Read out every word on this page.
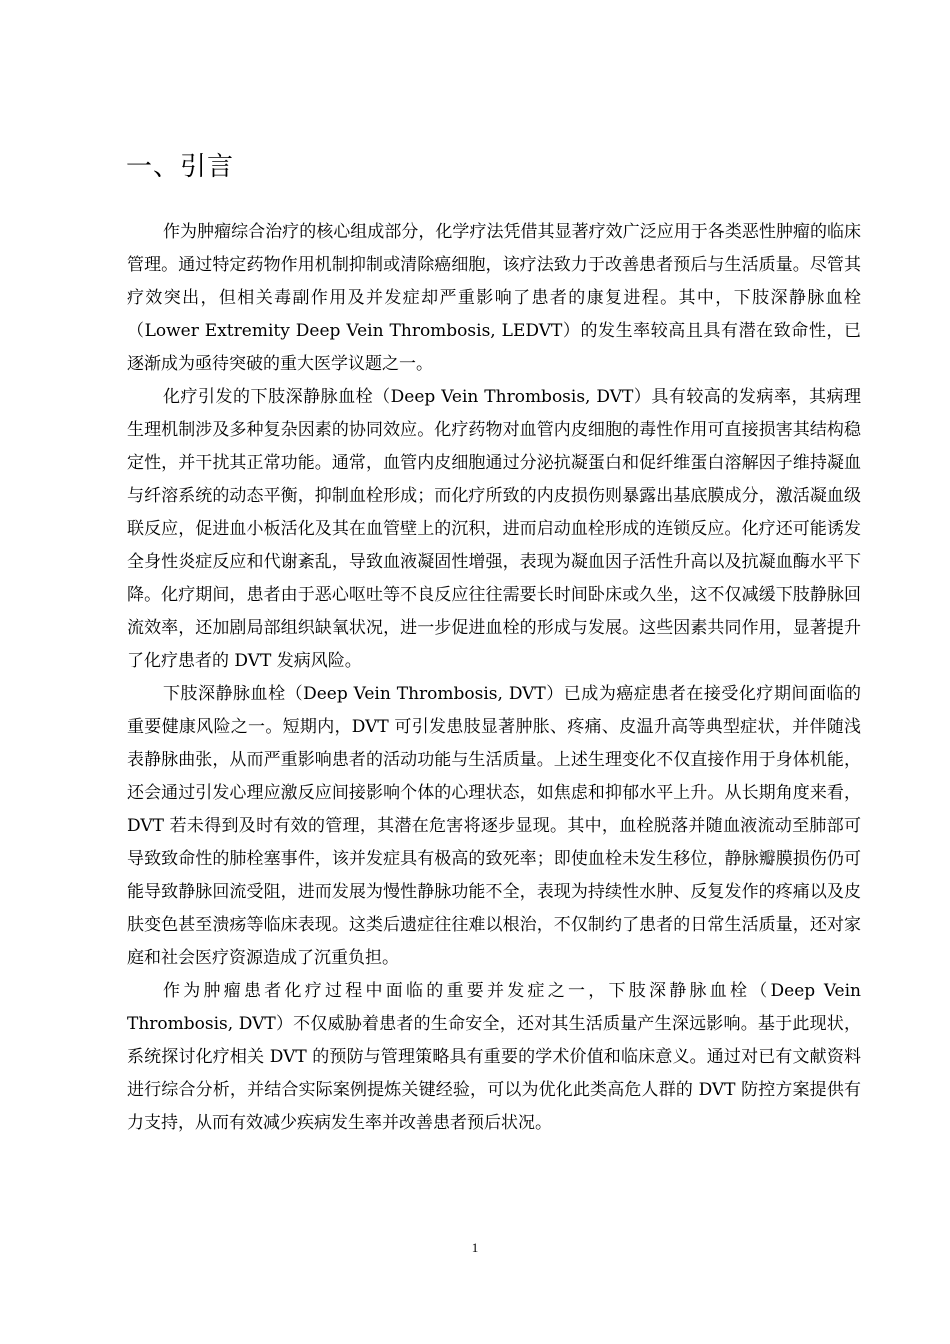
一、引言

作为肿瘤综合治疗的核心组成部分，化学疗法凭借其显著疗效广泛应用于各类恶性肿瘤的临床管理。通过特定药物作用机制抑制或清除癌细胞，该疗法致力于改善患者预后与生活质量。尽管其疗效突出，但相关毒副作用及并发症却严重影响了患者的康复进程。其中，下肢深静脉血栓（Lower Extremity Deep Vein Thrombosis, LEDVT）的发生率较高且具有潜在致命性，已逐渐成为亟待突破的重大医学议题之一。

化疗引发的下肢深静脉血栓（Deep Vein Thrombosis, DVT）具有较高的发病率，其病理生理机制涉及多种复杂因素的协同效应。化疗药物对血管内皮细胞的毒性作用可直接损害其结构稳定性，并干扰其正常功能。通常，血管内皮细胞通过分泌抗凝蛋白和促纤维蛋白溶解因子维持凝血与纤溶系统的动态平衡，抑制血栓形成；而化疗所致的内皮损伤则暴露出基底膜成分，激活凝血级联反应，促进血小板活化及其在血管壁上的沉积，进而启动血栓形成的连锁反应。化疗还可能诱发全身性炎症反应和代谢紊乱，导致血液凝固性增强，表现为凝血因子活性升高以及抗凝血酶水平下降。化疗期间，患者由于恶心呕吐等不良反应往往需要长时间卧床或久坐，这不仅减缓下肢静脉回流效率，还加剧局部组织缺氧状况，进一步促进血栓的形成与发展。这些因素共同作用，显著提升了化疗患者的 DVT 发病风险。

下肢深静脉血栓（Deep Vein Thrombosis, DVT）已成为癌症患者在接受化疗期间面临的重要健康风险之一。短期内，DVT 可引发患肢显著肿胀、疼痛、皮温升高等典型症状，并伴随浅表静脉曲张，从而严重影响患者的活动功能与生活质量。上述生理变化不仅直接作用于身体机能，还会通过引发心理应激反应间接影响个体的心理状态，如焦虑和抑郁水平上升。从长期角度来看，DVT 若未得到及时有效的管理，其潜在危害将逐步显现。其中，血栓脱落并随血液流动至肺部可导致致命性的肺栓塞事件，该并发症具有极高的致死率；即使血栓未发生移位，静脉瓣膜损伤仍可能导致静脉回流受阻，进而发展为慢性静脉功能不全，表现为持续性水肿、反复发作的疼痛以及皮肤变色甚至溃疡等临床表现。这类后遗症往往难以根治，不仅制约了患者的日常生活质量，还对家庭和社会医疗资源造成了沉重负担。

作为肿瘤患者化疗过程中面临的重要并发症之一，下肢深静脉血栓（Deep Vein Thrombosis, DVT）不仅威胁着患者的生命安全，还对其生活质量产生深远影响。基于此现状，系统探讨化疗相关 DVT 的预防与管理策略具有重要的学术价值和临床意义。通过对已有文献资料进行综合分析，并结合实际案例提炼关键经验，可以为优化此类高危人群的 DVT 防控方案提供有力支持，从而有效减少疾病发生率并改善患者预后状况。

1
